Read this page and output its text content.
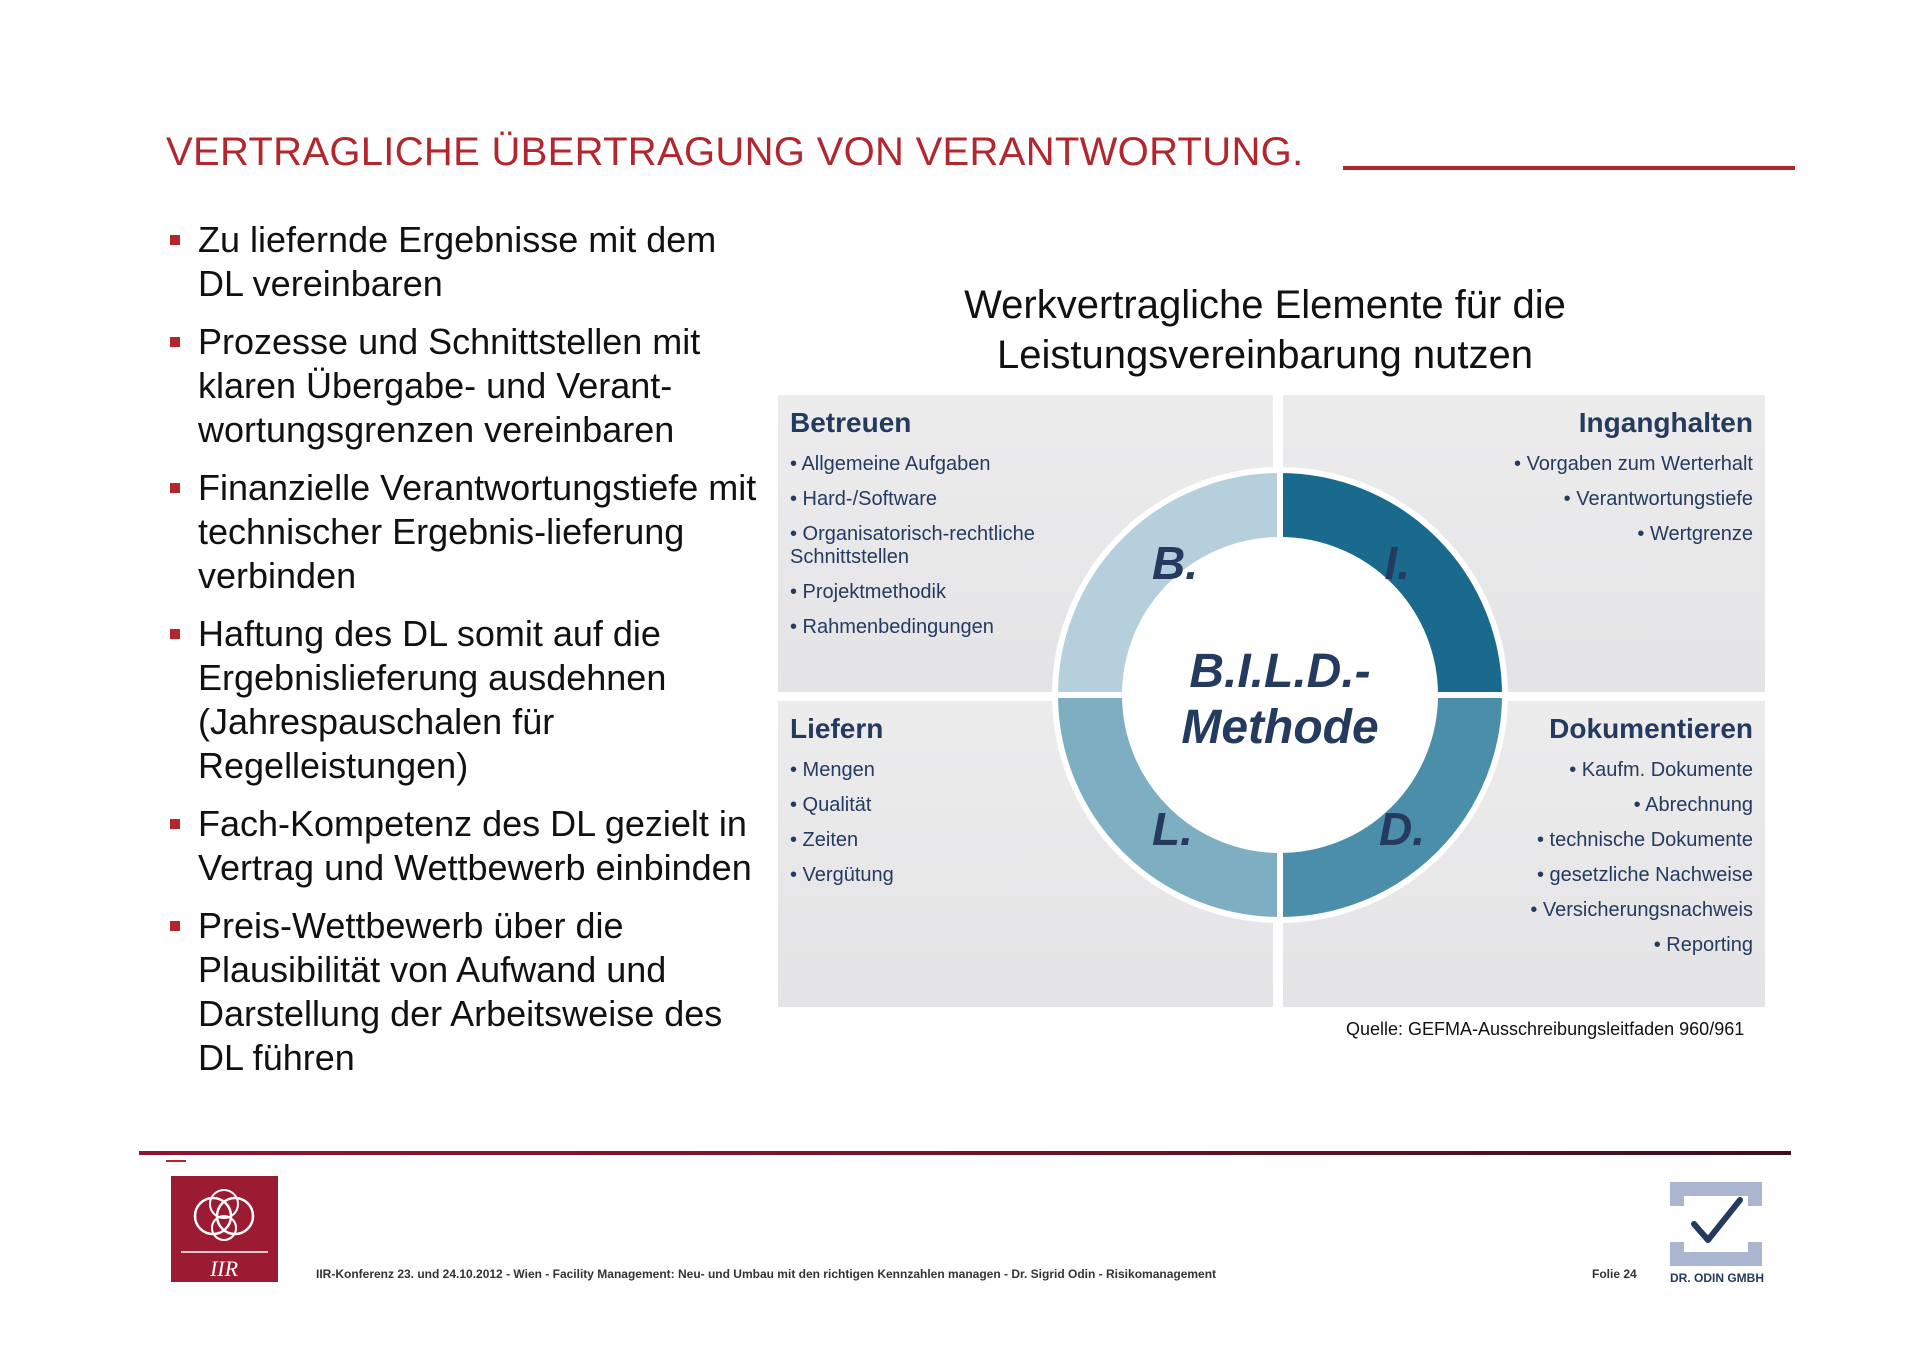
VERTRAGLICHE ÜBERTRAGUNG VON VERANTWORTUNG.
Zu liefernde Ergebnisse mit dem DL vereinbaren
Prozesse und Schnittstellen mit klaren Übergabe- und Verant-wortungsgrenzen vereinbaren
Finanzielle Verantwortungstiefe mit technischer Ergebnis-lieferung verbinden
Haftung des DL somit auf die Ergebnislieferung ausdehnen (Jahrespauschalen für Regelleistungen)
Fach-Kompetenz des DL gezielt in Vertrag und Wettbewerb einbinden
Preis-Wettbewerb über die Plausibilität von Aufwand und Darstellung der Arbeitsweise des DL führen
Werkvertragliche Elemente für die
Leistungsvereinbarung nutzen
Betreuen
• Allgemeine Aufgaben
• Hard-/Software
• Organisatorisch-rechtliche Schnittstellen
• Projektmethodik
• Rahmenbedingungen
Inganghalten
• Vorgaben zum Werterhalt
• Verantwortungstiefe
• Wertgrenze
Liefern
• Mengen
• Qualität
• Zeiten
• Vergütung
Dokumentieren
• Kaufm. Dokumente
• Abrechnung
• technische Dokumente
• gesetzliche Nachweise
• Versicherungsnachweis
• Reporting
B.	I.
L.	D.
B.I.L.D.-
Methode
Quelle: GEFMA-Ausschreibungsleitfaden 960/961
IIR	IIR-Konferenz 23. und 24.10.2012 - Wien - Facility Management: Neu- und Umbau mit den richtigen Kennzahlen managen - Dr. Sigrid Odin - Risikomanagement	Folie 24	DR. ODIN GMBH
